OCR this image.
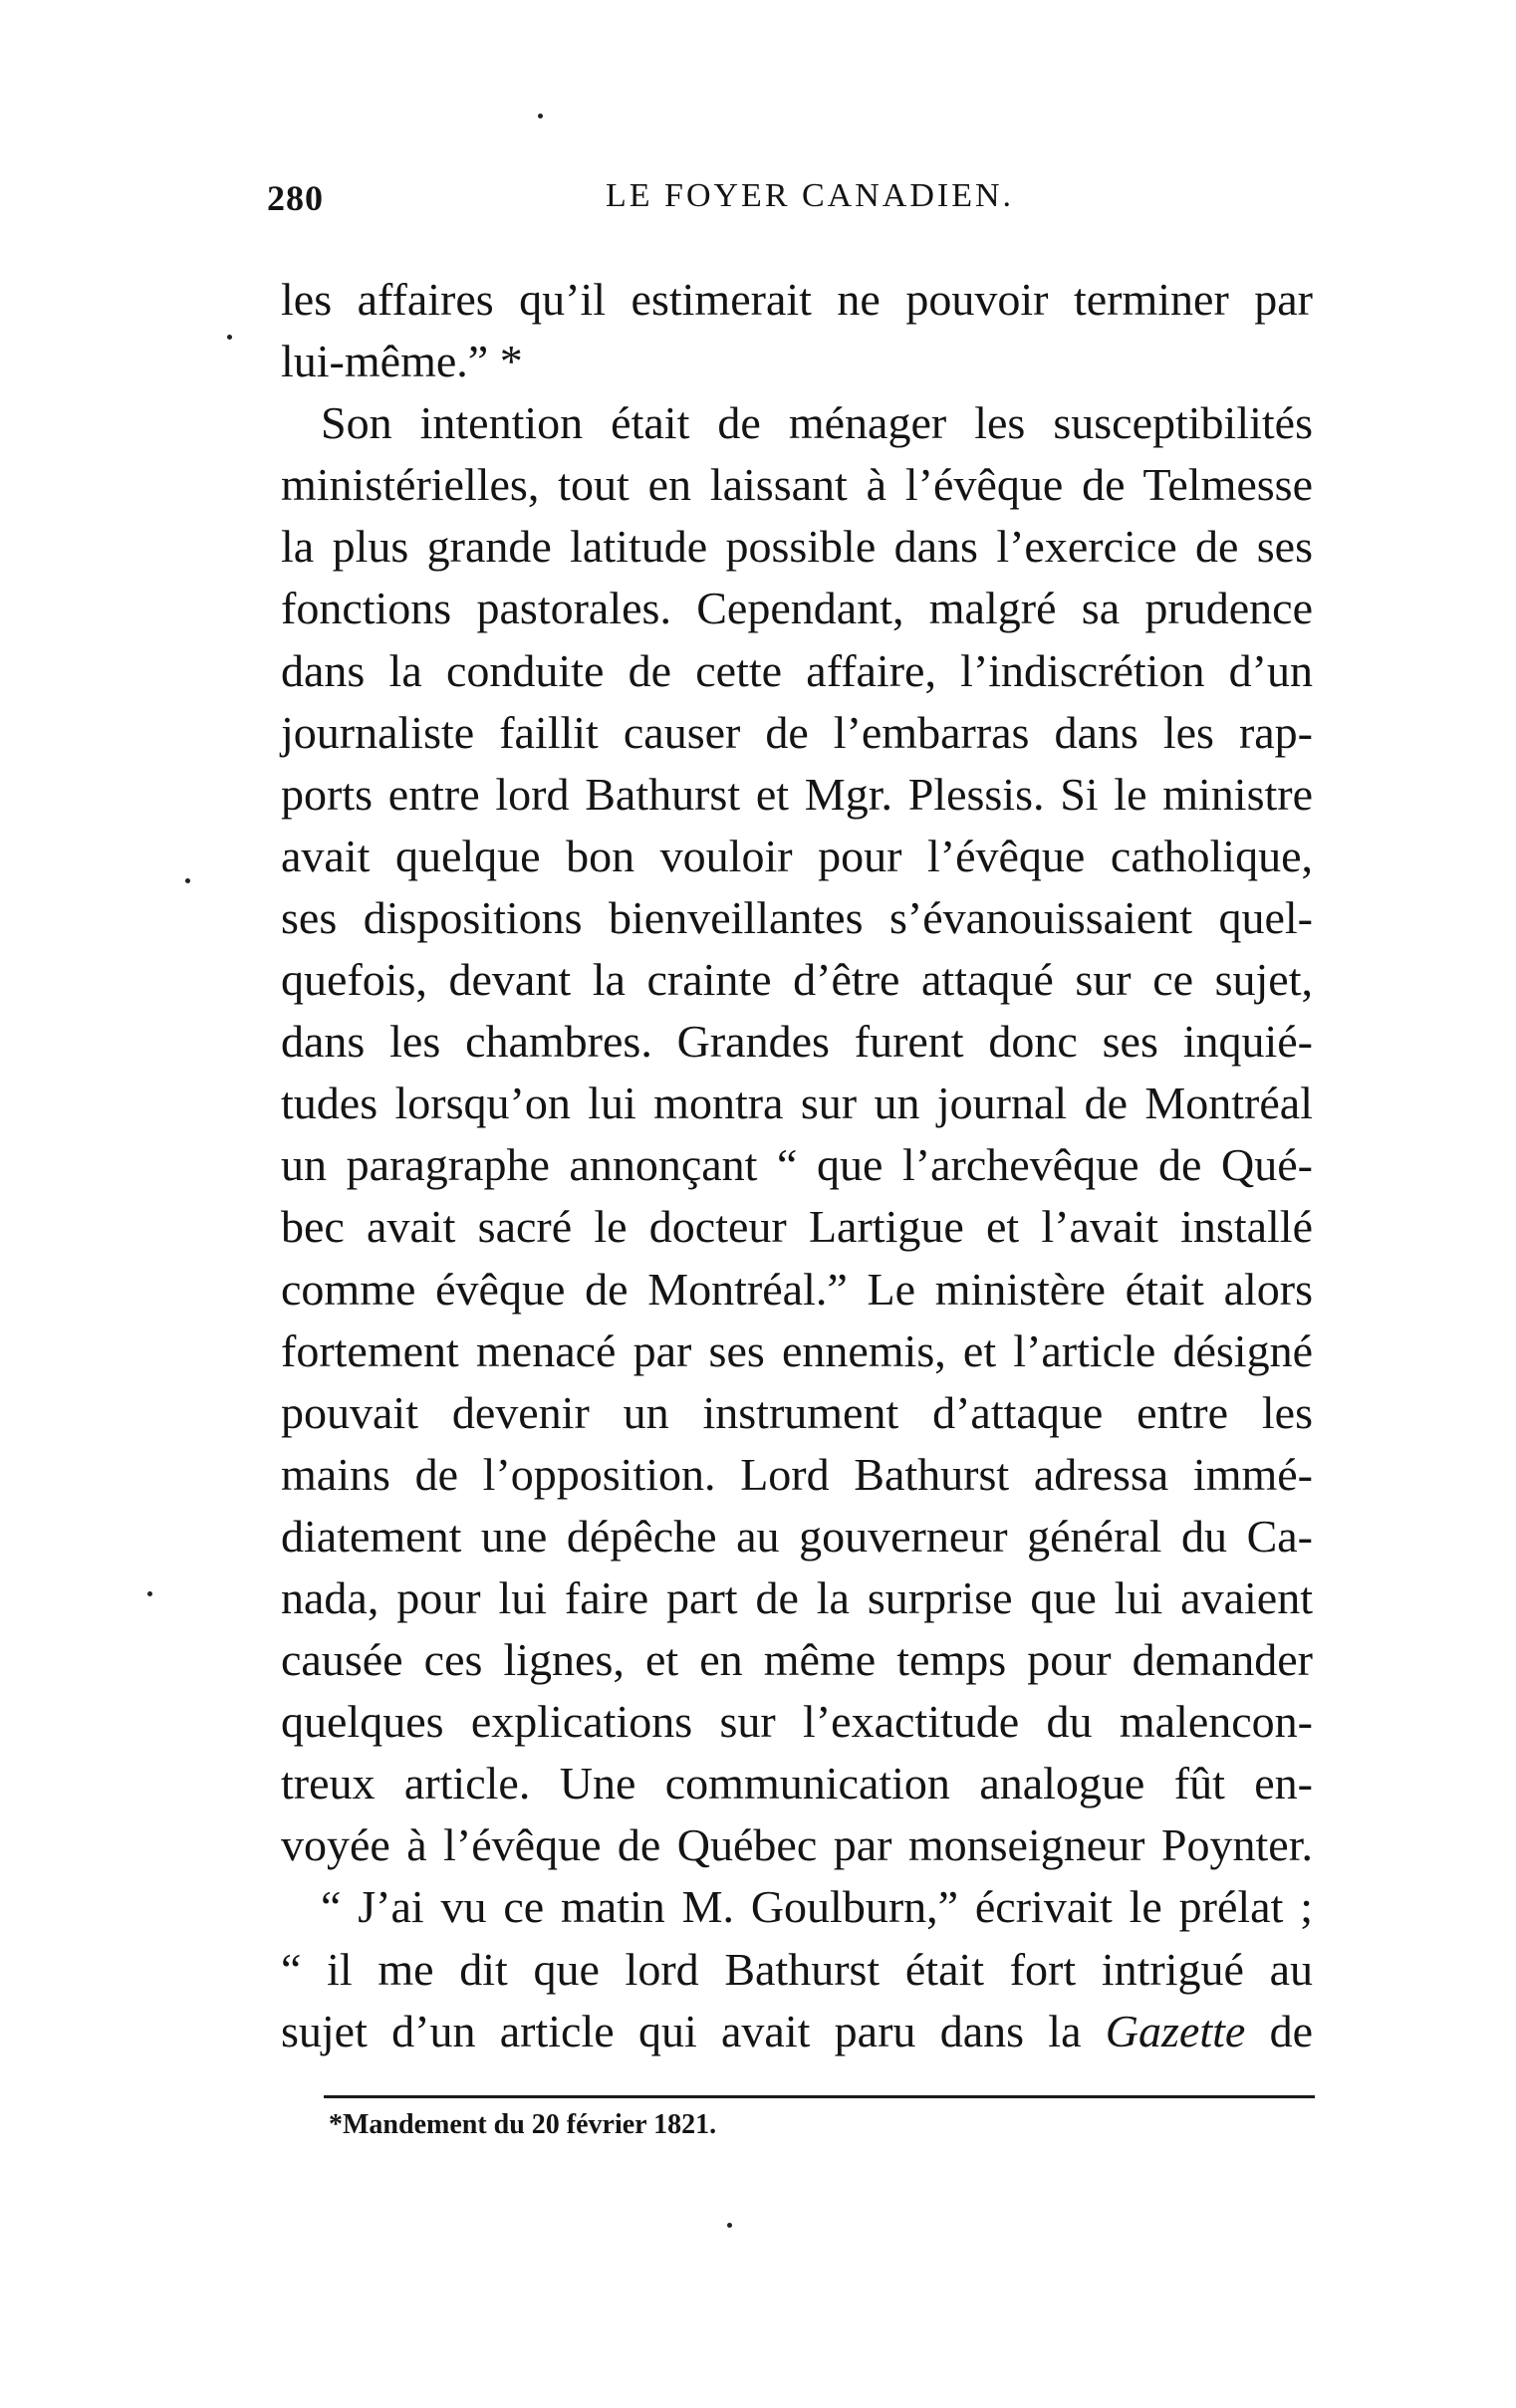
280	LE FOYER CANADIEN.
les affaires qu’il estimerait ne pouvoir terminer par
lui-même.” *
Son intention était de ménager les susceptibilités
ministérielles, tout en laissant à l’évêque de Telmesse
la plus grande latitude possible dans l’exercice de ses
fonctions pastorales. Cependant, malgré sa prudence
dans la conduite de cette affaire, l’indiscrétion d’un
journaliste faillit causer de l’embarras dans les rap-
ports entre lord Bathurst et Mgr. Plessis. Si le ministre
avait quelque bon vouloir pour l’évêque catholique,
ses dispositions bienveillantes s’évanouissaient quel-
quefois, devant la crainte d’être attaqué sur ce sujet,
dans les chambres. Grandes furent donc ses inquié-
tudes lorsqu’on lui montra sur un journal de Montréal
un paragraphe annonçant “ que l’archevêque de Qué-
bec avait sacré le docteur Lartigue et l’avait installé
comme évêque de Montréal.” Le ministère était alors
fortement menacé par ses ennemis, et l’article désigné
pouvait devenir un instrument d’attaque entre les
mains de l’opposition. Lord Bathurst adressa immé-
diatement une dépêche au gouverneur général du Ca-
nada, pour lui faire part de la surprise que lui avaient
causée ces lignes, et en même temps pour demander
quelques explications sur l’exactitude du malencon-
treux article. Une communication analogue fût en-
voyée à l’évêque de Québec par monseigneur Poynter.
“ J’ai vu ce matin M. Goulburn,” écrivait le prélat ;
“ il me dit que lord Bathurst était fort intrigué au
sujet d’un article qui avait paru dans la Gazette de
*Mandement du 20 février 1821.
